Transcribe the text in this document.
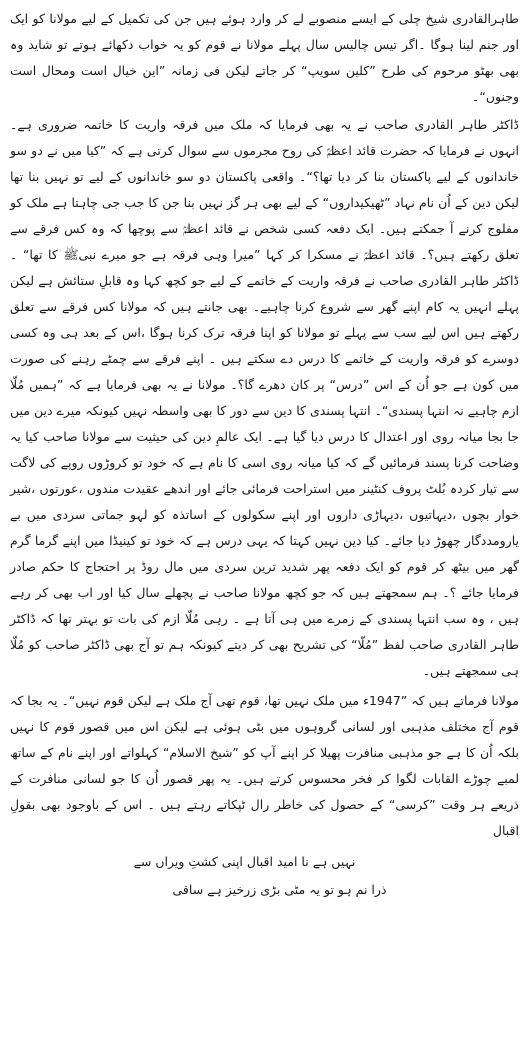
طاہرالقادری شیخ چلی کے ایسے منصوبے لے کر وارد ہوئے ہیں جن کی تکمیل کے لیے مولانا کو ایک اور جنم لینا ہوگا ۔اگر تیس چالیس سال پہلے مولانا نے قوم کو یہ خواب دکھائے ہوتے تو شاید وہ بھی بھٹو مرحوم کی طرح ”کلین سویپ“ کر جاتے لیکن فی زمانہ ”این خیال است ومحال است وجنوں“۔

ڈاکٹر طاہر القادری صاحب نے یہ بھی فرمایا کہ ملک میں فرقہ واریت کا خاتمہ ضروری ہے۔ انہوں نے فرمایا کہ حضرت قائد اعظمؒ کی روح مجرموں سے سوال کرتی ہے کہ ”کیا میں نے دو سو خاندانوں کے لیے پاکستان بنا کر دیا تھا؟“۔ واقعی پاکستان دو سو خاندانوں کے لیے تو نہیں بنا تھا لیکن دین کے اُن نام نہاد ”ٹھیکیداروں“ کے لیے بھی ہر گز نہیں بنا جن کا جب جی چاہتا ہے ملک کو مفلوج کرنے آ جمکتے ہیں۔ ایک دفعہ کسی شخص نے قائد اعظمؒ سے پوچھا کہ وہ کس فرقے سے تعلق رکھتے ہیں؟۔ قائد اعظمؒ نے مسکرا کر کہا ”میرا وہی فرقہ ہے جو میرے نبیﷺ کا تھا“ ۔ ڈاکٹر طاہر القادری صاحب نے فرقہ واریت کے خاتمے کے لیے جو کچھ کہا وہ قابلِ ستائش ہے لیکن پہلے انہیں یہ کام اپنے گھر سے شروع کرنا چاہیے۔ بھی جانتے ہیں کہ مولانا کس فرقے سے تعلق رکھتے ہیں اس لیے سب سے پہلے تو مولانا کو اپنا فرقہ ترک کرنا ہوگا ،اس کے بعد ہی وہ کسی دوسرے کو فرقہ واریت کے خاتمے کا درس دے سکتے ہیں ۔ اپنے فرقے سے چمٹے رہنے کی صورت میں کون ہے جو اُن کے اس ”درس“ پر کان دھرے گا؟۔ مولانا نے یہ بھی فرمایا ہے کہ ”ہمیں مُلّا ازم چاہیے نہ انتہا پسندی“۔ انتہا پسندی کا دین سے دور کا بھی واسطہ نہیں کیونکہ میرے دین میں جا بجا میانہ روی اور اعتدال کا درس دیا گیا ہے۔ ایک عالمِ دین کی حیثیت سے مولانا صاحب کیا یہ وضاحت کرنا پسند فرمائیں گے کہ کیا میانہ روی اسی کا نام ہے کہ خود تو کروڑوں روپے کی لاگت سے تیار کردہ بُلٹ پروف کنٹینر میں استراحت فرمائی جائے اور اندھے عقیدت مندوں ،عورتوں ،شیر خوار بچوں ،دیہاتیوں ،دیہاڑی داروں اور اپنے سکولوں کے اساتذہ کو لہو جماتی سردی میں بے یارومددگار چھوڑ دیا جائے۔ کیا دین نہیں کہتا کہ یہی درس ہے کہ خود تو کینیڈا میں اپنے گرما گرم گھر میں بیٹھ کر قوم کو ایک دفعہ پھر شدید ترین سردی میں مال روڈ پر احتجاج کا حکم صادر فرمایا جائے ؟۔ ہم سمجھتے ہیں کہ جو کچھ مولانا صاحب نے پچھلے سال کیا اور اب بھی کر رہے ہیں ، وہ سب انتہا پسندی کے زمرے میں ہی آتا ہے ۔ رہی مُلّا ازم کی بات تو بہتر تھا کہ ڈاکٹر طاہر القادری صاحب لفظ ”مُلّا“ کی تشریح بھی کر دیتے کیونکہ ہم تو آج بھی ڈاکٹر صاحب کو مُلّا ہی سمجھتے ہیں۔

مولانا فرماتے ہیں کہ ”1947ء میں ملک نہیں تھا، قوم تھی آج ملک ہے لیکن قوم نہیں“۔ یہ بجا کہ قوم آج مختلف مذہبی اور لسانی گروہوں میں بٹی ہوئی ہے لیکن اس میں قصور قوم کا نہیں بلکہ اُن کا ہے جو مذہبی منافرت پھیلا کر اپنے آپ کو ”شیخ الاسلام“ کہلواتے اور اپنے نام کے ساتھ لمبے چوڑے القابات لگوا کر فخر محسوس کرتے ہیں۔ یہ پھر قصور اُن کا جو لسانی منافرت کے ذریعے ہر وقت ”کرسی“ کے حصول کی خاطر رال ٹپکاتے رہتے ہیں ۔ اس کے باوجود بھی بقولِ اقبال

نہیں ہے نا امید اقبال اپنی کشتِ ویراں سے
ذرا نم ہو تو یہ مٹی بڑی زرخیز ہے ساقی
